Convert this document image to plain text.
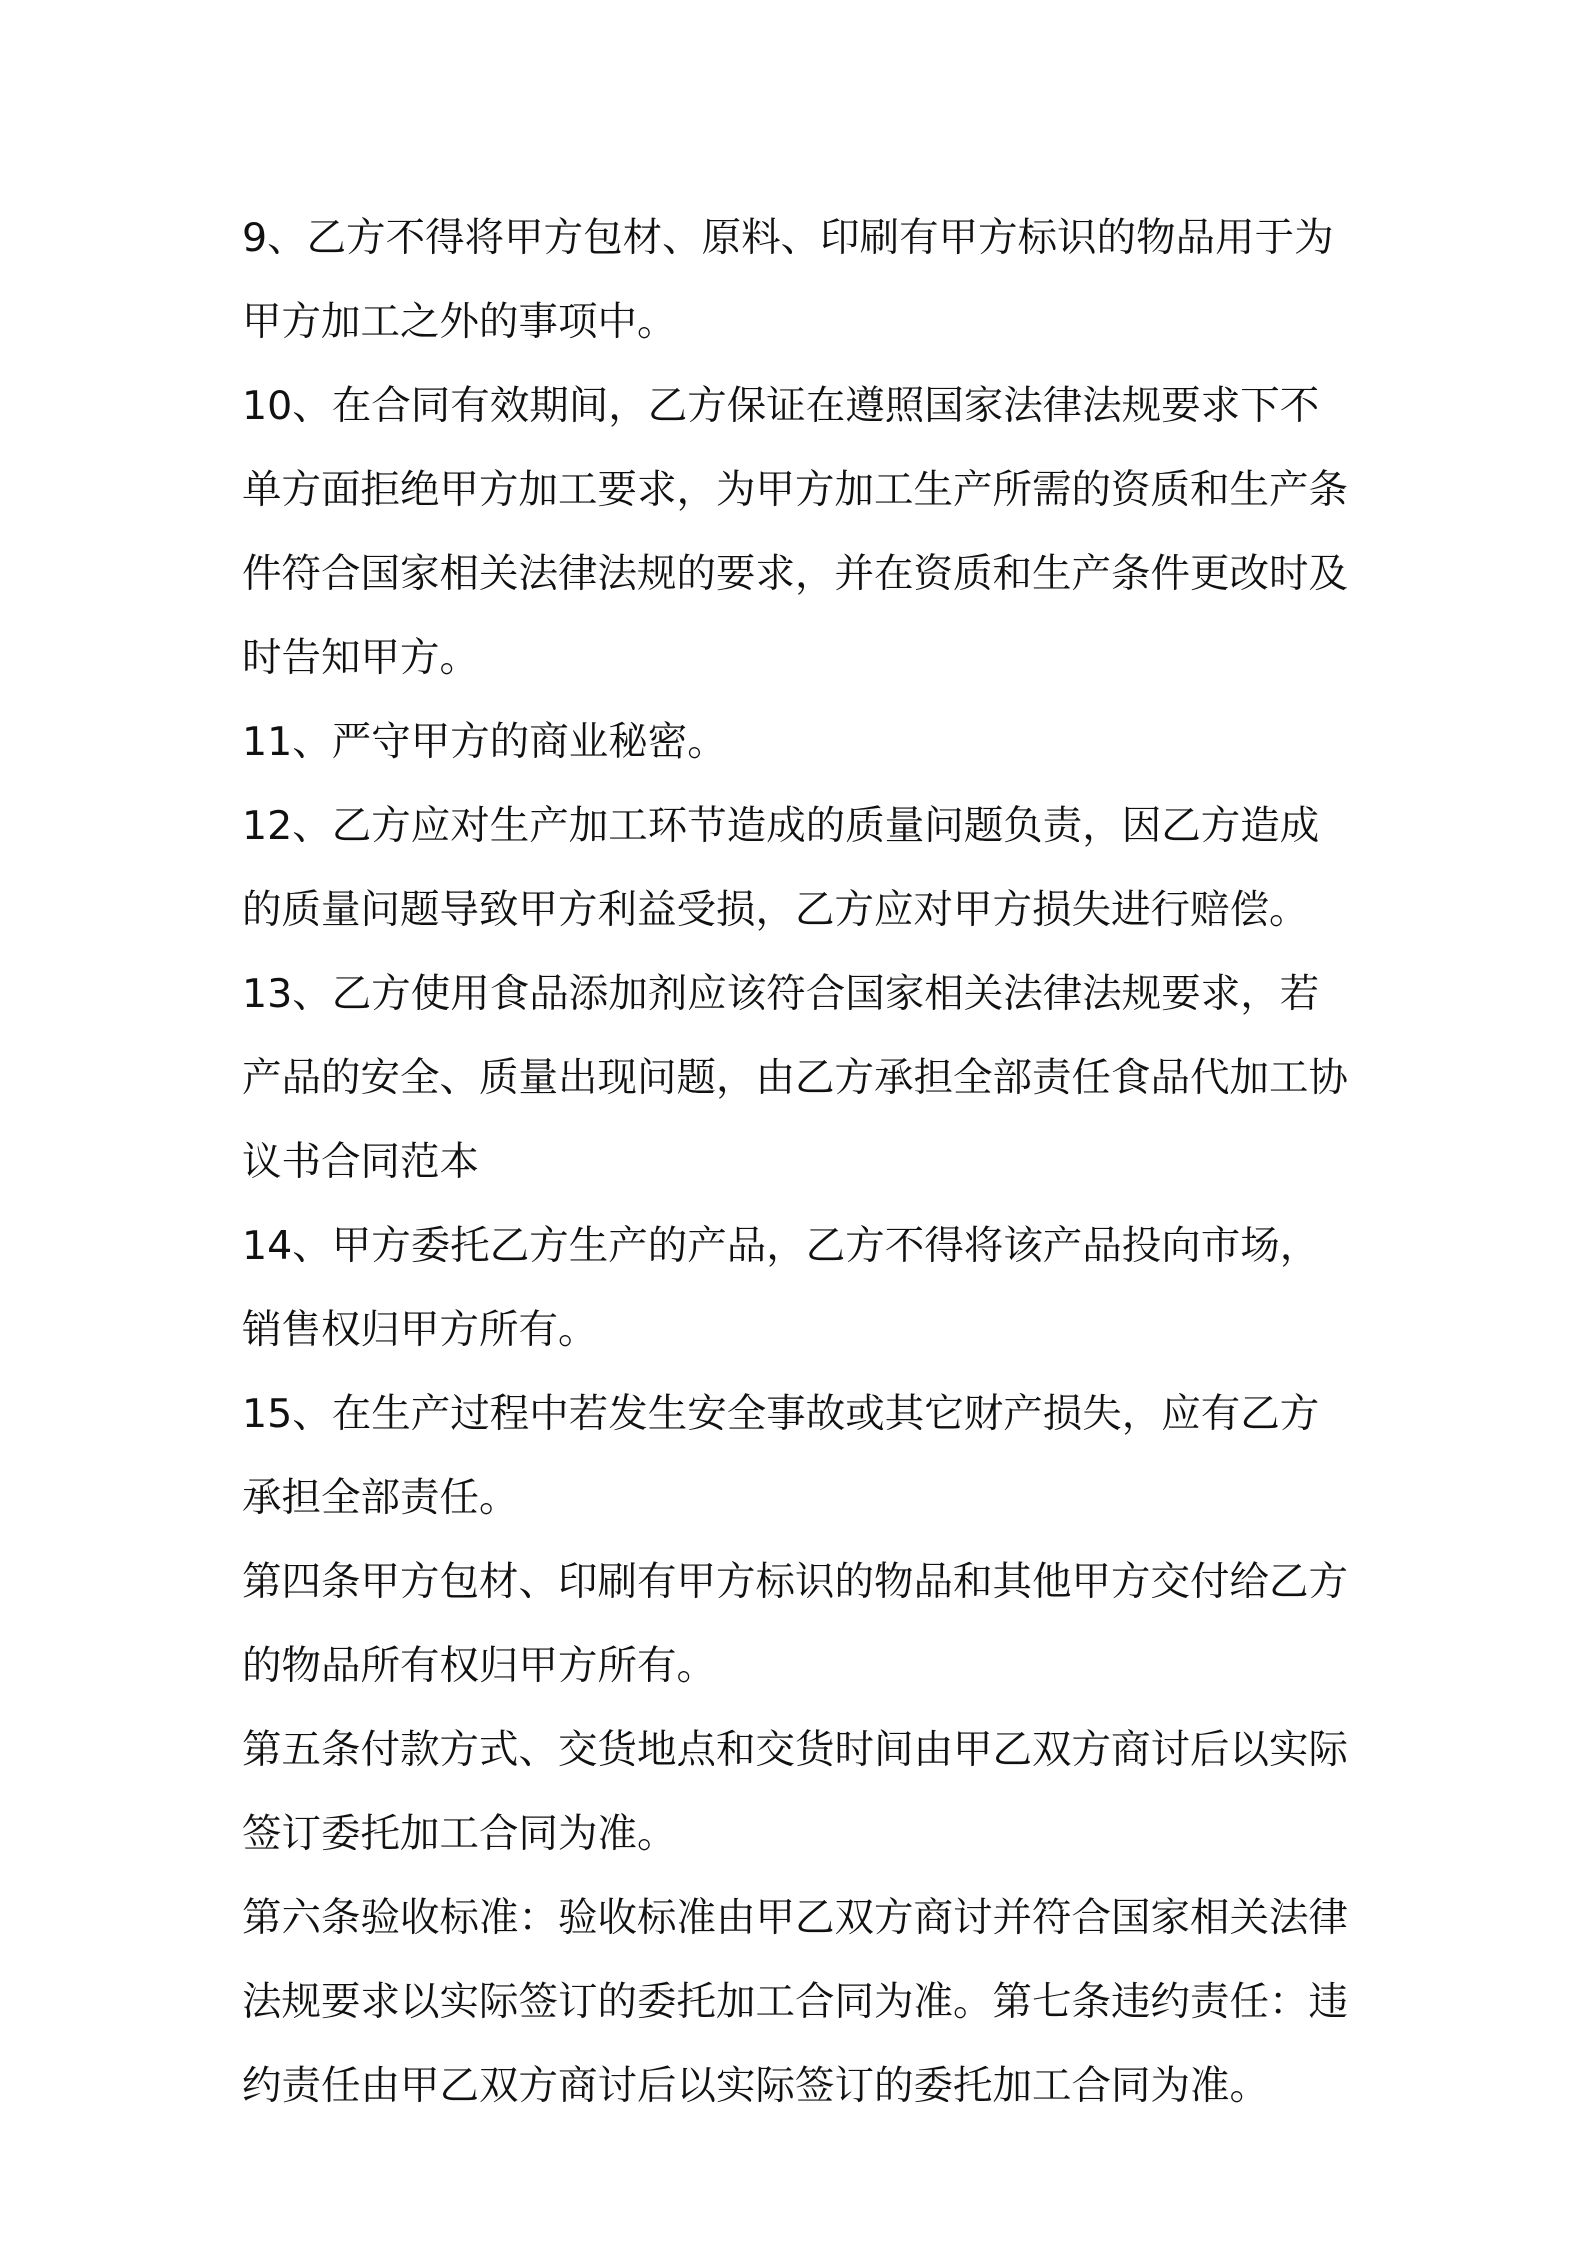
9、乙方不得将甲方包材、原料、印刷有甲方标识的物品用于为甲方加工之外的事项中。

10、在合同有效期间，乙方保证在遵照国家法律法规要求下不单方面拒绝甲方加工要求，为甲方加工生产所需的资质和生产条件符合国家相关法律法规的要求，并在资质和生产条件更改时及时告知甲方。

11、严守甲方的商业秘密。

12、乙方应对生产加工环节造成的质量问题负责，因乙方造成的质量问题导致甲方利益受损，乙方应对甲方损失进行赔偿。

13、乙方使用食品添加剂应该符合国家相关法律法规要求，若产品的安全、质量出现问题，由乙方承担全部责任食品代加工协议书合同范本

14、甲方委托乙方生产的产品，乙方不得将该产品投向市场，销售权归甲方所有。

15、在生产过程中若发生安全事故或其它财产损失，应有乙方承担全部责任。

第四条甲方包材、印刷有甲方标识的物品和其他甲方交付给乙方的物品所有权归甲方所有。

第五条付款方式、交货地点和交货时间由甲乙双方商讨后以实际签订委托加工合同为准。

第六条验收标准：验收标准由甲乙双方商讨并符合国家相关法律法规要求以实际签订的委托加工合同为准。第七条违约责任：违约责任由甲乙双方商讨后以实际签订的委托加工合同为准。
